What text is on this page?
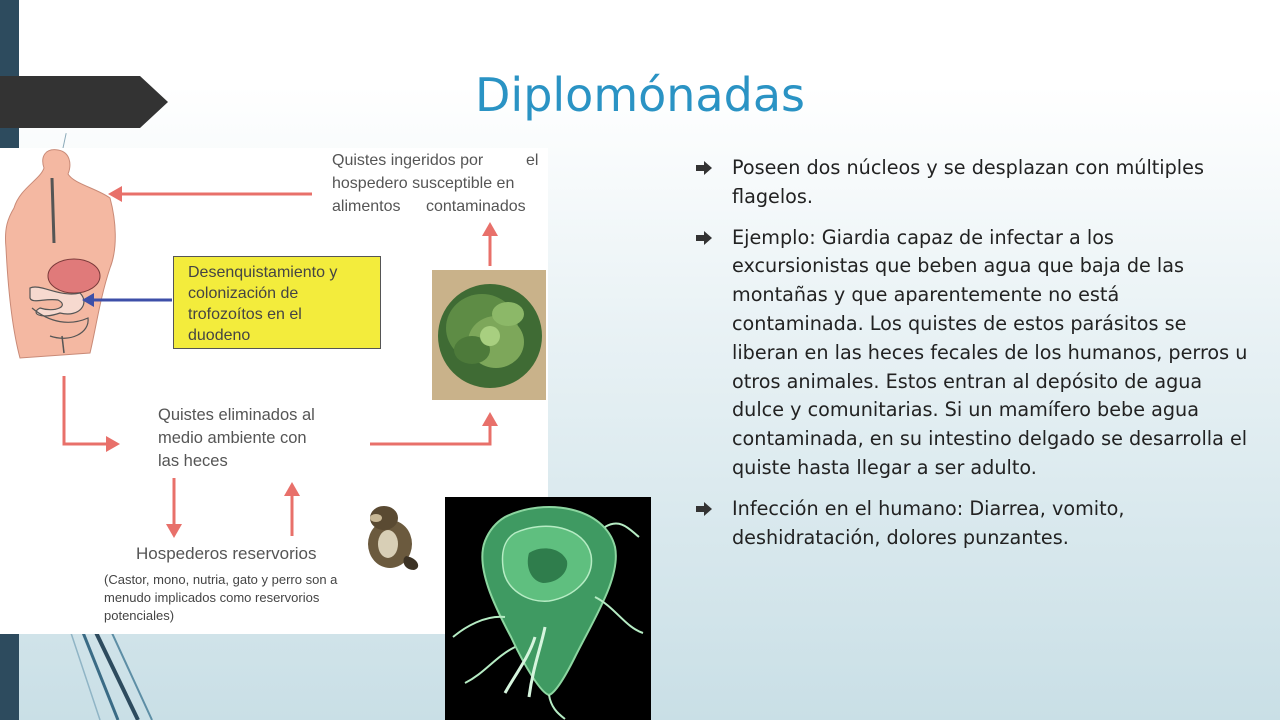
Diplomónadas
Quistes ingeridos por	el
hospedero susceptible en
alimentos contaminados
Desenquistamiento y
colonización de
trofozoítos en el
duodeno
Quistes eliminados al
medio ambiente con
las heces
Hospederos reservorios
(Castor, mono, nutria, gato y perro son a
menudo implicados como reservorios
potenciales)
Poseen dos núcleos y se desplazan con múltiples flagelos.
Ejemplo: Giardia capaz de infectar a los excursionistas que beben agua que baja de las montañas y que aparentemente no está contaminada. Los quistes de estos parásitos se liberan en las heces fecales de los humanos, perros u otros animales. Estos entran al depósito de agua dulce y comunitarias. Si un mamífero bebe agua contaminada, en su intestino delgado se desarrolla el quiste hasta llegar a ser adulto.
Infección en el humano: Diarrea, vomito, deshidratación, dolores punzantes.
